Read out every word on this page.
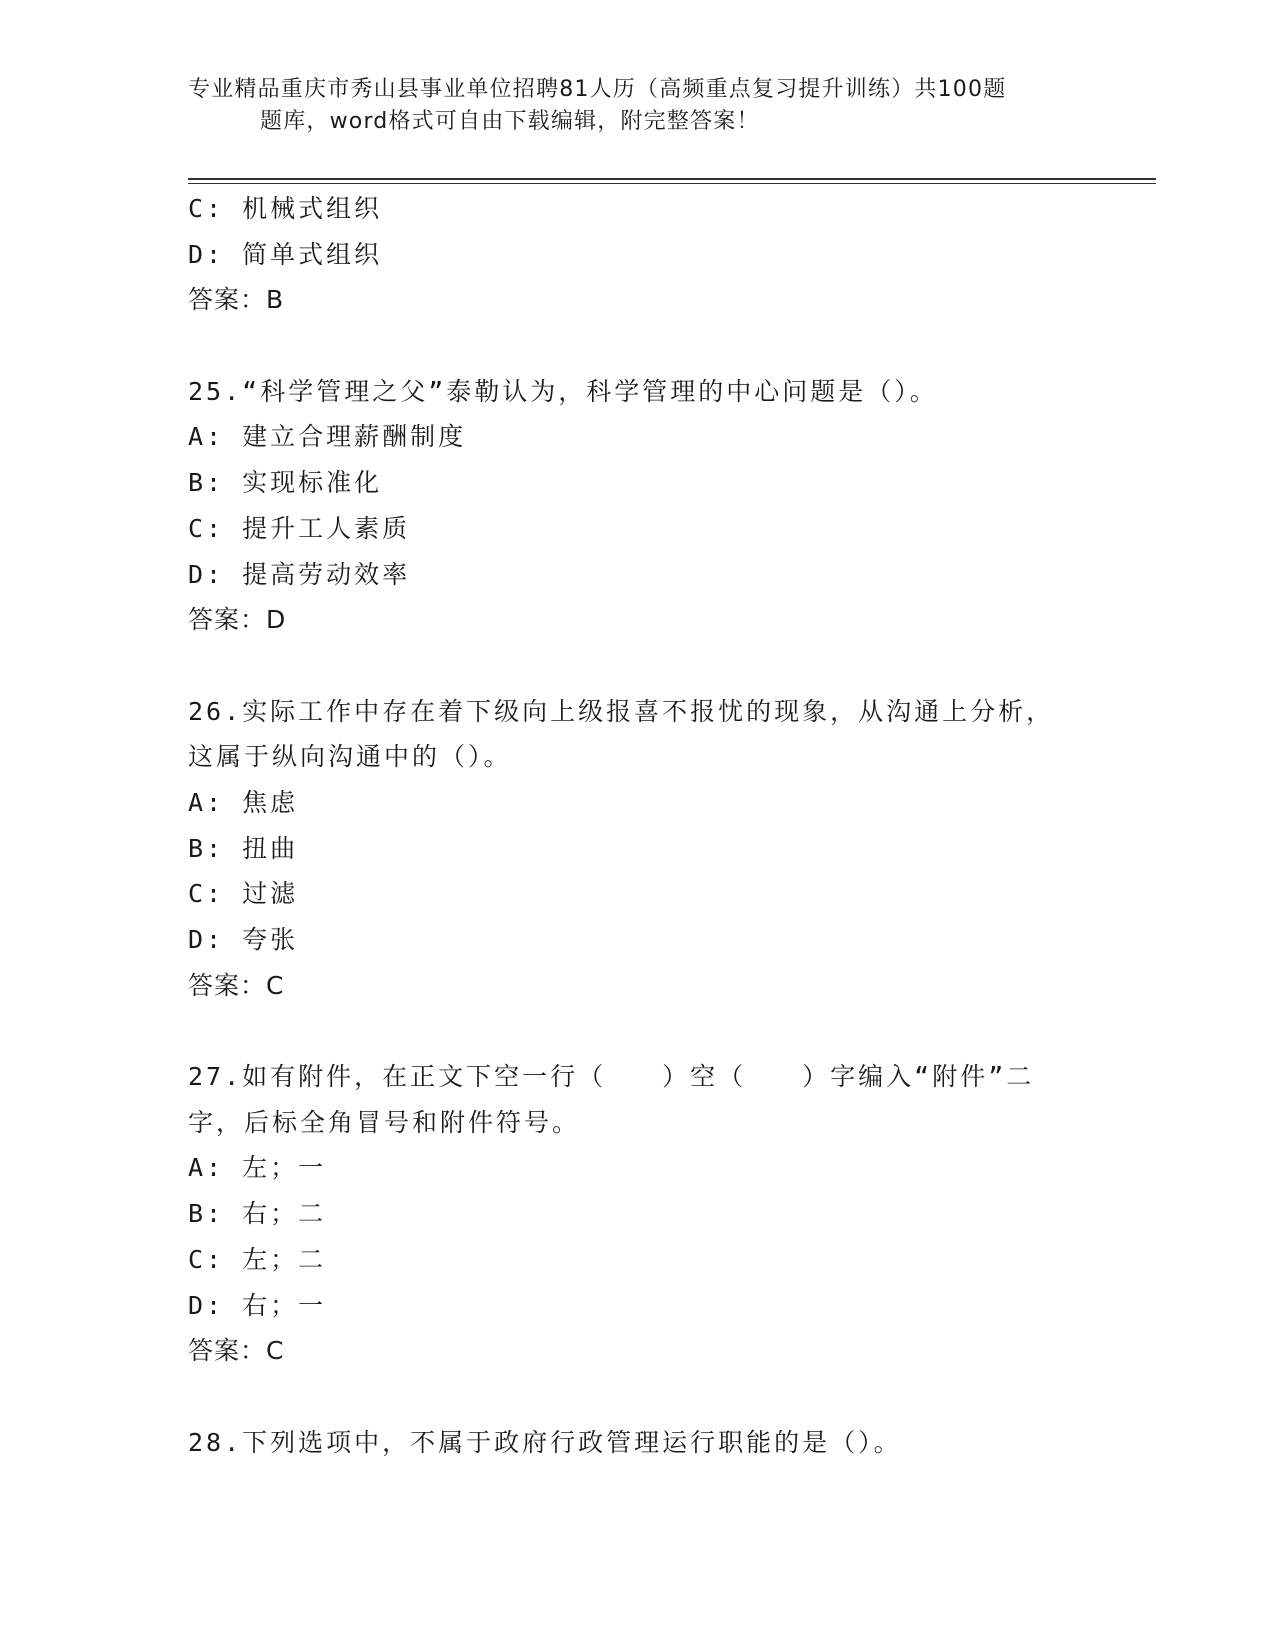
专业精品重庆市秀山县事业单位招聘81人历（高频重点复习提升训练）共100题
题库，word格式可自由下载编辑，附完整答案！
C: 机械式组织
D: 简单式组织
答案：B
25.“科学管理之父”泰勒认为，科学管理的中心问题是（）。
A: 建立合理薪酬制度
B: 实现标准化
C: 提升工人素质
D: 提高劳动效率
答案：D
26.实际工作中存在着下级向上级报喜不报忧的现象，从沟通上分析，
这属于纵向沟通中的（）。
A: 焦虑
B: 扭曲
C: 过滤
D: 夸张
答案：C
27.如有附件，在正文下空一行（　　）空（　　）字编入“附件”二
字，后标全角冒号和附件符号。
A: 左；一
B: 右；二
C: 左；二
D: 右；一
答案：C
28.下列选项中，不属于政府行政管理运行职能的是（）。
